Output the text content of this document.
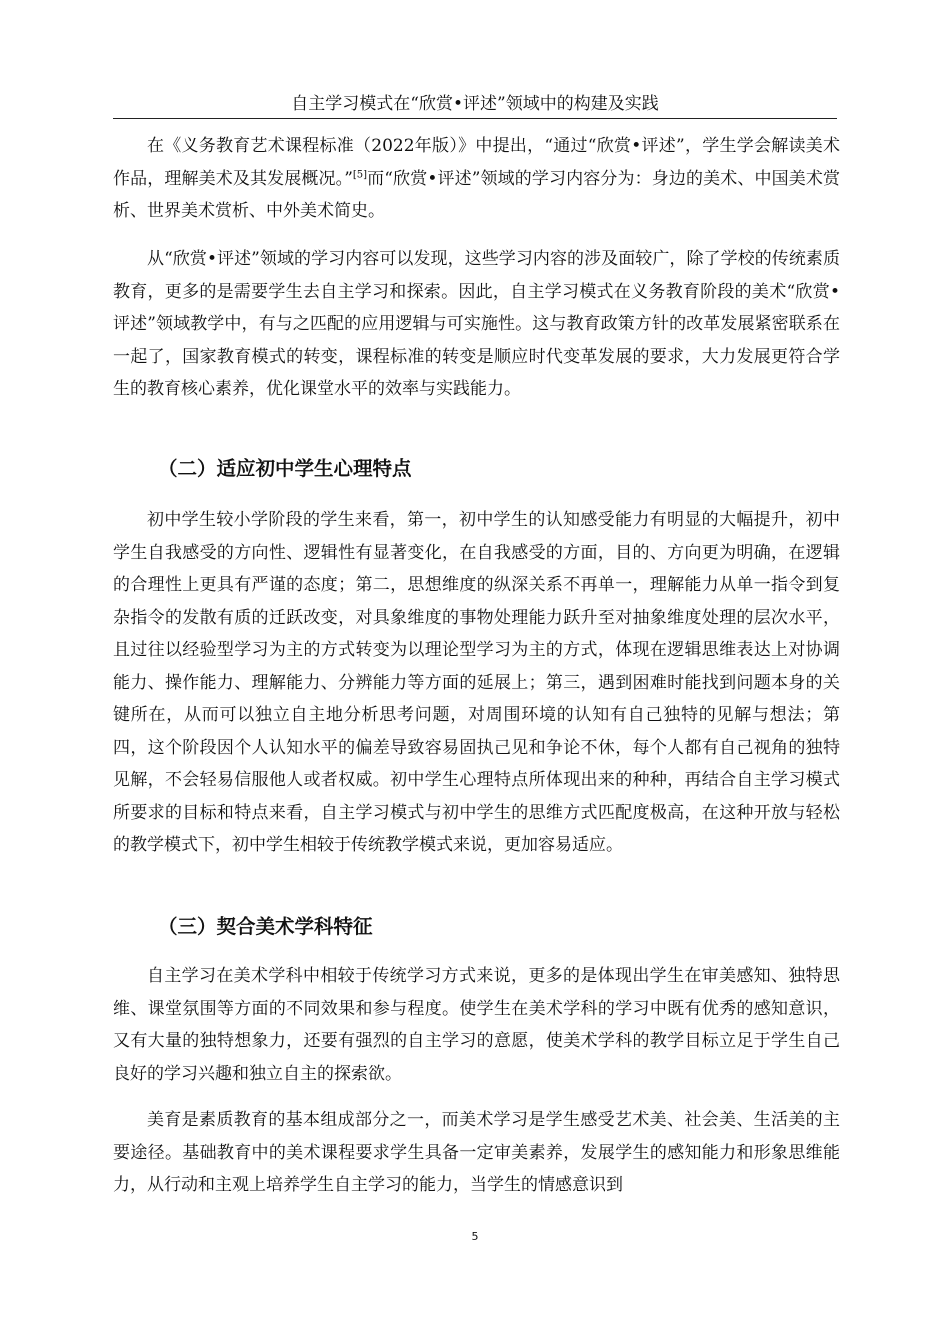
自主学习模式在“欣赏•评述”领域中的构建及实践

在《义务教育艺术课程标准（2022年版）》中提出，“通过“欣赏•评述”，学生学会解读美术作品，理解美术及其发展概况。”[5]而“欣赏•评述”领域的学习内容分为：身边的美术、中国美术赏析、世界美术赏析、中外美术简史。

从“欣赏•评述”领域的学习内容可以发现，这些学习内容的涉及面较广，除了学校的传统素质教育，更多的是需要学生去自主学习和探索。因此，自主学习模式在义务教育阶段的美术“欣赏•评述”领域教学中，有与之匹配的应用逻辑与可实施性。这与教育政策方针的改革发展紧密联系在一起了，国家教育模式的转变，课程标准的转变是顺应时代变革发展的要求，大力发展更符合学生的教育核心素养，优化课堂水平的效率与实践能力。

（二）适应初中学生心理特点

初中学生较小学阶段的学生来看，第一，初中学生的认知感受能力有明显的大幅提升，初中学生自我感受的方向性、逻辑性有显著变化，在自我感受的方面，目的、方向更为明确，在逻辑的合理性上更具有严谨的态度；第二，思想维度的纵深关系不再单一，理解能力从单一指令到复杂指令的发散有质的迁跃改变，对具象维度的事物处理能力跃升至对抽象维度处理的层次水平，且过往以经验型学习为主的方式转变为以理论型学习为主的方式，体现在逻辑思维表达上对协调能力、操作能力、理解能力、分辨能力等方面的延展上；第三，遇到困难时能找到问题本身的关键所在，从而可以独立自主地分析思考问题，对周围环境的认知有自己独特的见解与想法；第四，这个阶段因个人认知水平的偏差导致容易固执己见和争论不休，每个人都有自己视角的独特见解，不会轻易信服他人或者权威。初中学生心理特点所体现出来的种种，再结合自主学习模式所要求的目标和特点来看，自主学习模式与初中学生的思维方式匹配度极高，在这种开放与轻松的教学模式下，初中学生相较于传统教学模式来说，更加容易适应。

（三）契合美术学科特征

自主学习在美术学科中相较于传统学习方式来说，更多的是体现出学生在审美感知、独特思维、课堂氛围等方面的不同效果和参与程度。使学生在美术学科的学习中既有优秀的感知意识，又有大量的独特想象力，还要有强烈的自主学习的意愿，使美术学科的教学目标立足于学生自己良好的学习兴趣和独立自主的探索欲。

美育是素质教育的基本组成部分之一，而美术学习是学生感受艺术美、社会美、生活美的主要途径。基础教育中的美术课程要求学生具备一定审美素养，发展学生的感知能力和形象思维能力，从行动和主观上培养学生自主学习的能力，当学生的情感意识到

5
